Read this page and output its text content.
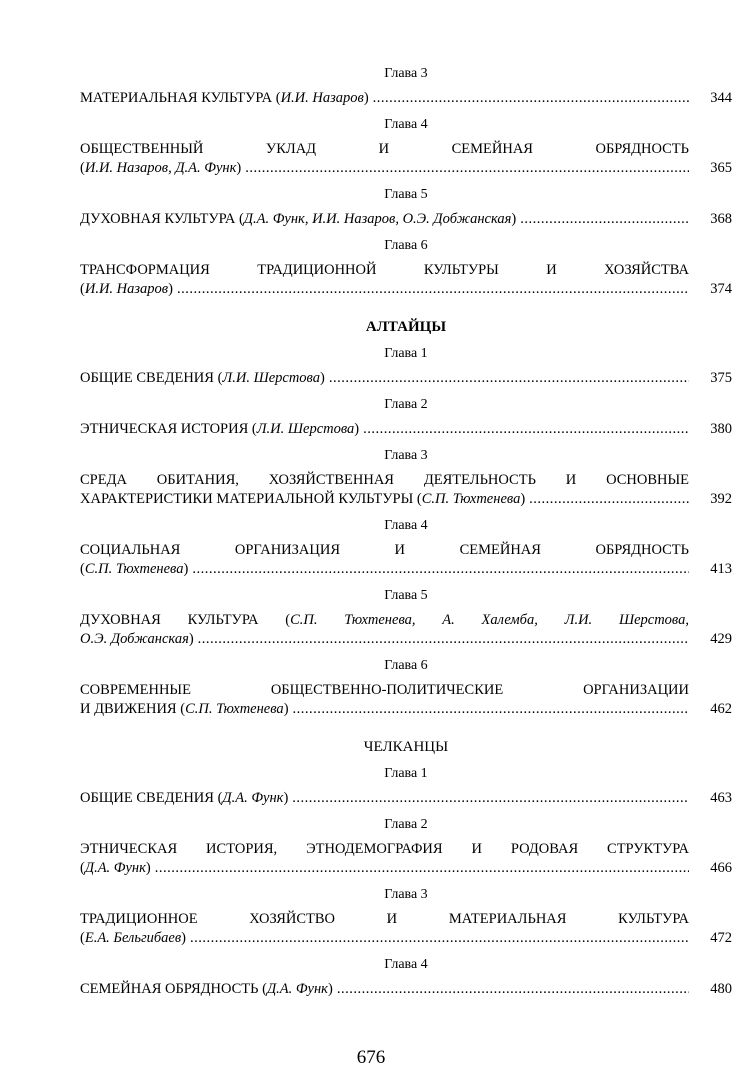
Глава 3
МАТЕРИАЛЬНАЯ КУЛЬТУРА (И.И. Назаров) .....	344
Глава 4
ОБЩЕСТВЕННЫЙ УКЛАД И СЕМЕЙНАЯ ОБРЯДНОСТЬ
(И.И. Назаров, Д.А. Функ) .....	365
Глава 5
ДУХОВНАЯ КУЛЬТУРА (Д.А. Функ, И.И. Назаров, О.Э. Добжанская) .....	368
Глава 6
ТРАНСФОРМАЦИЯ ТРАДИЦИОННОЙ КУЛЬТУРЫ И ХОЗЯЙСТВА
(И.И. Назаров) .....	374
АЛТАЙЦЫ
Глава 1
ОБЩИЕ СВЕДЕНИЯ (Л.И. Шерстова) .....	375
Глава 2
ЭТНИЧЕСКАЯ ИСТОРИЯ (Л.И. Шерстова) .....	380
Глава 3
СРЕДА ОБИТАНИЯ, ХОЗЯЙСТВЕННАЯ ДЕЯТЕЛЬНОСТЬ И ОСНОВНЫЕ
ХАРАКТЕРИСТИКИ МАТЕРИАЛЬНОЙ КУЛЬТУРЫ (С.П. Тюхтенева) .....	392
Глава 4
СОЦИАЛЬНАЯ ОРГАНИЗАЦИЯ И СЕМЕЙНАЯ ОБРЯДНОСТЬ
(С.П. Тюхтенева) .....	413
Глава 5
ДУХОВНАЯ КУЛЬТУРА (С.П. Тюхтенева, А. Халемба, Л.И. Шерстова,
О.Э. Добжанская) .....	429
Глава 6
СОВРЕМЕННЫЕ ОБЩЕСТВЕННО-ПОЛИТИЧЕСКИЕ ОРГАНИЗАЦИИ
И ДВИЖЕНИЯ (С.П. Тюхтенева) .....	462
ЧЕЛКАНЦЫ
Глава 1
ОБЩИЕ СВЕДЕНИЯ (Д.А. Функ) .....	463
Глава 2
ЭТНИЧЕСКАЯ ИСТОРИЯ, ЭТНОДЕМОГРАФИЯ И РОДОВАЯ СТРУКТУРА
(Д.А. Функ) .....	466
Глава 3
ТРАДИЦИОННОЕ ХОЗЯЙСТВО И МАТЕРИАЛЬНАЯ КУЛЬТУРА
(Е.А. Бельгибаев) .....	472
Глава 4
СЕМЕЙНАЯ ОБРЯДНОСТЬ (Д.А. Функ) .....	480
676
